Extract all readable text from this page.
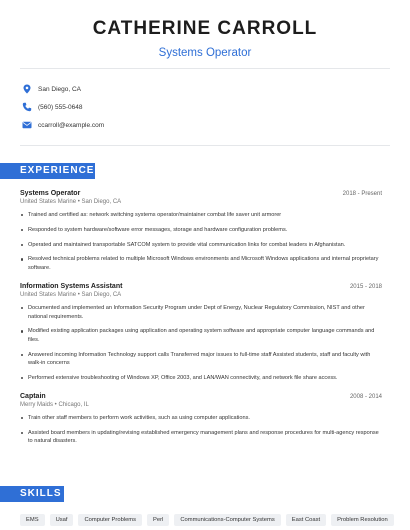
CATHERINE CARROLL
Systems Operator
San Diego, CA
(560) 555-0648
ccarroll@example.com
EXPERIENCE
Systems Operator	2018 - Present
United States Marine • San Diego, CA
Trained and certified as: network switching systems operator/maintainer combat life saver unit armorer
Responded to system hardware/software error messages, storage and hardware configuration problems.
Operated and maintained transportable SATCOM system to provide vital communication links for combat leaders in Afghanistan.
Resolved technical problems related to multiple Microsoft Windows environments and Microsoft Windows applications and internal proprietary software.
Information Systems Assistant	2015 - 2018
United States Marine • San Diego, CA
Documented and implemented an Information Security Program under Dept of Energy, Nuclear Regulatory Commission, NIST and other national requirements.
Modified existing application packages using application and operating system software and appropriate computer language commands and files.
Answered incoming Information Technology support calls Transferred major issues to full-time staff Assisted students, staff and faculty with walk-in concerns
Performed extensive troubleshooting of Windows XP, Office 2003, and LAN/WAN connectivity, and network file share access.
Captain	2008 - 2014
Merry Maids • Chicago, IL
Train other staff members to perform work activities, such as using computer applications.
Assisted board members in updating/revising established emergency management plans and response procedures for multi-agency response to natural disasters.
SKILLS
EMS	Usaf	Computer Problems	Perl	Communications-Computer Systems	East Coast	Problem Resolution
